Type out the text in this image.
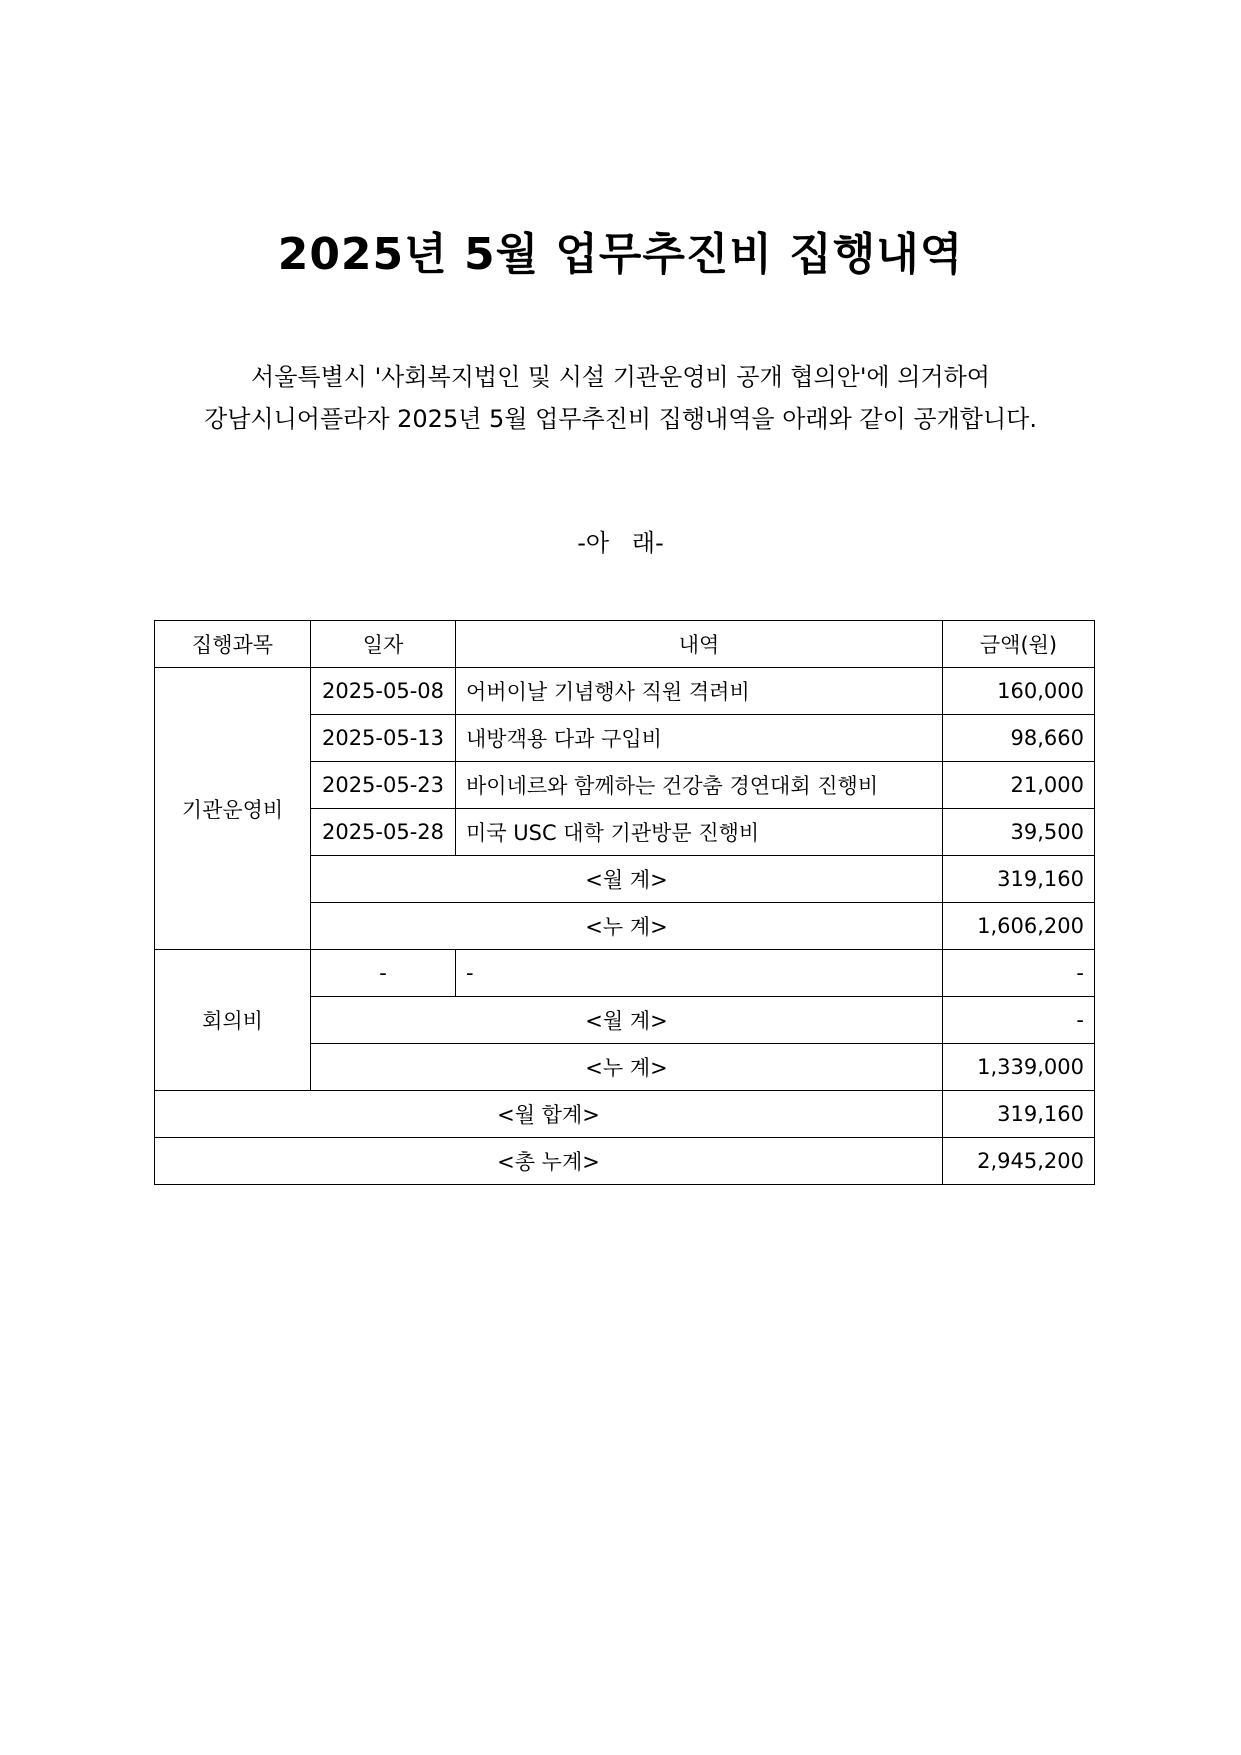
2025년 5월 업무추진비 집행내역
서울특별시 '사회복지법인 및 시설 기관운영비 공개 협의안'에 의거하여
강남시니어플라자 2025년 5월 업무추진비 집행내역을 아래와 같이 공개합니다.
-아   래-
집행과목	일자	내역	금액(원)
기관운영비	2025-05-08	어버이날 기념행사 직원 격려비	160,000
	2025-05-13	내방객용 다과 구입비	98,660
	2025-05-23	바이네르와 함께하는 건강춤 경연대회 진행비	21,000
	2025-05-28	미국 USC 대학 기관방문 진행비	39,500
	<월 계>		319,160
	<누 계>		1,606,200
회의비	-	-	-
	<월 계>		-
	<누 계>		1,339,000
<월 합계>			319,160
<총 누계>			2,945,200
